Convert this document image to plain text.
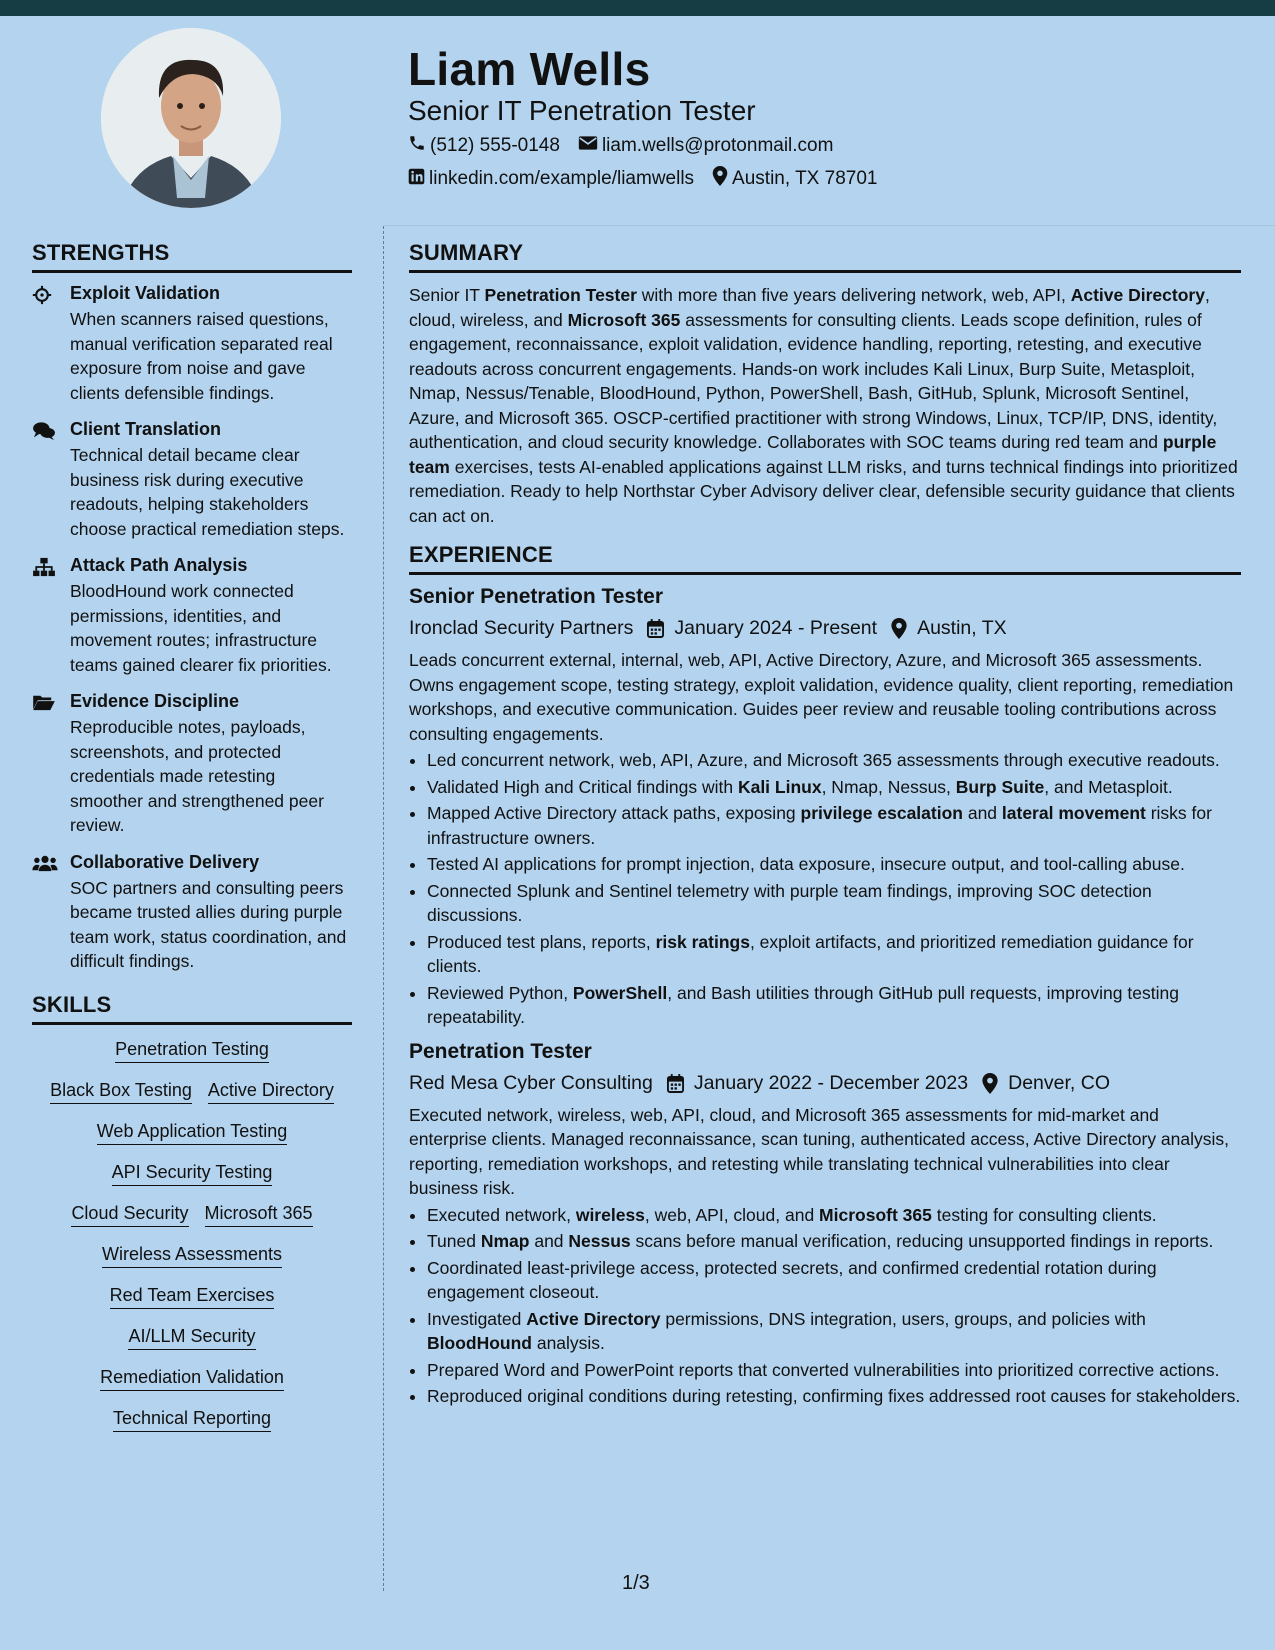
Liam Wells
Senior IT Penetration Tester
(512) 555-0148 liam.wells@protonmail.com
linkedin.com/example/liamwells Austin, TX 78701
STRENGTHS
Exploit Validation
When scanners raised questions, manual verification separated real exposure from noise and gave clients defensible findings.
Client Translation
Technical detail became clear business risk during executive readouts, helping stakeholders choose practical remediation steps.
Attack Path Analysis
BloodHound work connected permissions, identities, and movement routes; infrastructure teams gained clearer fix priorities.
Evidence Discipline
Reproducible notes, payloads, screenshots, and protected credentials made retesting smoother and strengthened peer review.
Collaborative Delivery
SOC partners and consulting peers became trusted allies during purple team work, status coordination, and difficult findings.
SKILLS
Penetration Testing
Black Box Testing Active Directory
Web Application Testing
API Security Testing
Cloud Security Microsoft 365
Wireless Assessments
Red Team Exercises
AI/LLM Security
Remediation Validation
Technical Reporting
SUMMARY
Senior IT Penetration Tester with more than five years delivering network, web, API, Active Directory, cloud, wireless, and Microsoft 365 assessments for consulting clients. Leads scope definition, rules of engagement, reconnaissance, exploit validation, evidence handling, reporting, retesting, and executive readouts across concurrent engagements. Hands-on work includes Kali Linux, Burp Suite, Metasploit, Nmap, Nessus/Tenable, BloodHound, Python, PowerShell, Bash, GitHub, Splunk, Microsoft Sentinel, Azure, and Microsoft 365. OSCP-certified practitioner with strong Windows, Linux, TCP/IP, DNS, identity, authentication, and cloud security knowledge. Collaborates with SOC teams during red team and purple team exercises, tests AI-enabled applications against LLM risks, and turns technical findings into prioritized remediation. Ready to help Northstar Cyber Advisory deliver clear, defensible security guidance that clients can act on.
EXPERIENCE
Senior Penetration Tester
Ironclad Security Partners January 2024 - Present Austin, TX
Leads concurrent external, internal, web, API, Active Directory, Azure, and Microsoft 365 assessments. Owns engagement scope, testing strategy, exploit validation, evidence quality, client reporting, remediation workshops, and executive communication. Guides peer review and reusable tooling contributions across consulting engagements.
• Led concurrent network, web, API, Azure, and Microsoft 365 assessments through executive readouts.
• Validated High and Critical findings with Kali Linux, Nmap, Nessus, Burp Suite, and Metasploit.
• Mapped Active Directory attack paths, exposing privilege escalation and lateral movement risks for infrastructure owners.
• Tested AI applications for prompt injection, data exposure, insecure output, and tool-calling abuse.
• Connected Splunk and Sentinel telemetry with purple team findings, improving SOC detection discussions.
• Produced test plans, reports, risk ratings, exploit artifacts, and prioritized remediation guidance for clients.
• Reviewed Python, PowerShell, and Bash utilities through GitHub pull requests, improving testing repeatability.
Penetration Tester
Red Mesa Cyber Consulting January 2022 - December 2023 Denver, CO
Executed network, wireless, web, API, cloud, and Microsoft 365 assessments for mid-market and enterprise clients. Managed reconnaissance, scan tuning, authenticated access, Active Directory analysis, reporting, remediation workshops, and retesting while translating technical vulnerabilities into clear business risk.
• Executed network, wireless, web, API, cloud, and Microsoft 365 testing for consulting clients.
• Tuned Nmap and Nessus scans before manual verification, reducing unsupported findings in reports.
• Coordinated least-privilege access, protected secrets, and confirmed credential rotation during engagement closeout.
• Investigated Active Directory permissions, DNS integration, users, groups, and policies with BloodHound analysis.
• Prepared Word and PowerPoint reports that converted vulnerabilities into prioritized corrective actions.
• Reproduced original conditions during retesting, confirming fixes addressed root causes for stakeholders.
1/3
